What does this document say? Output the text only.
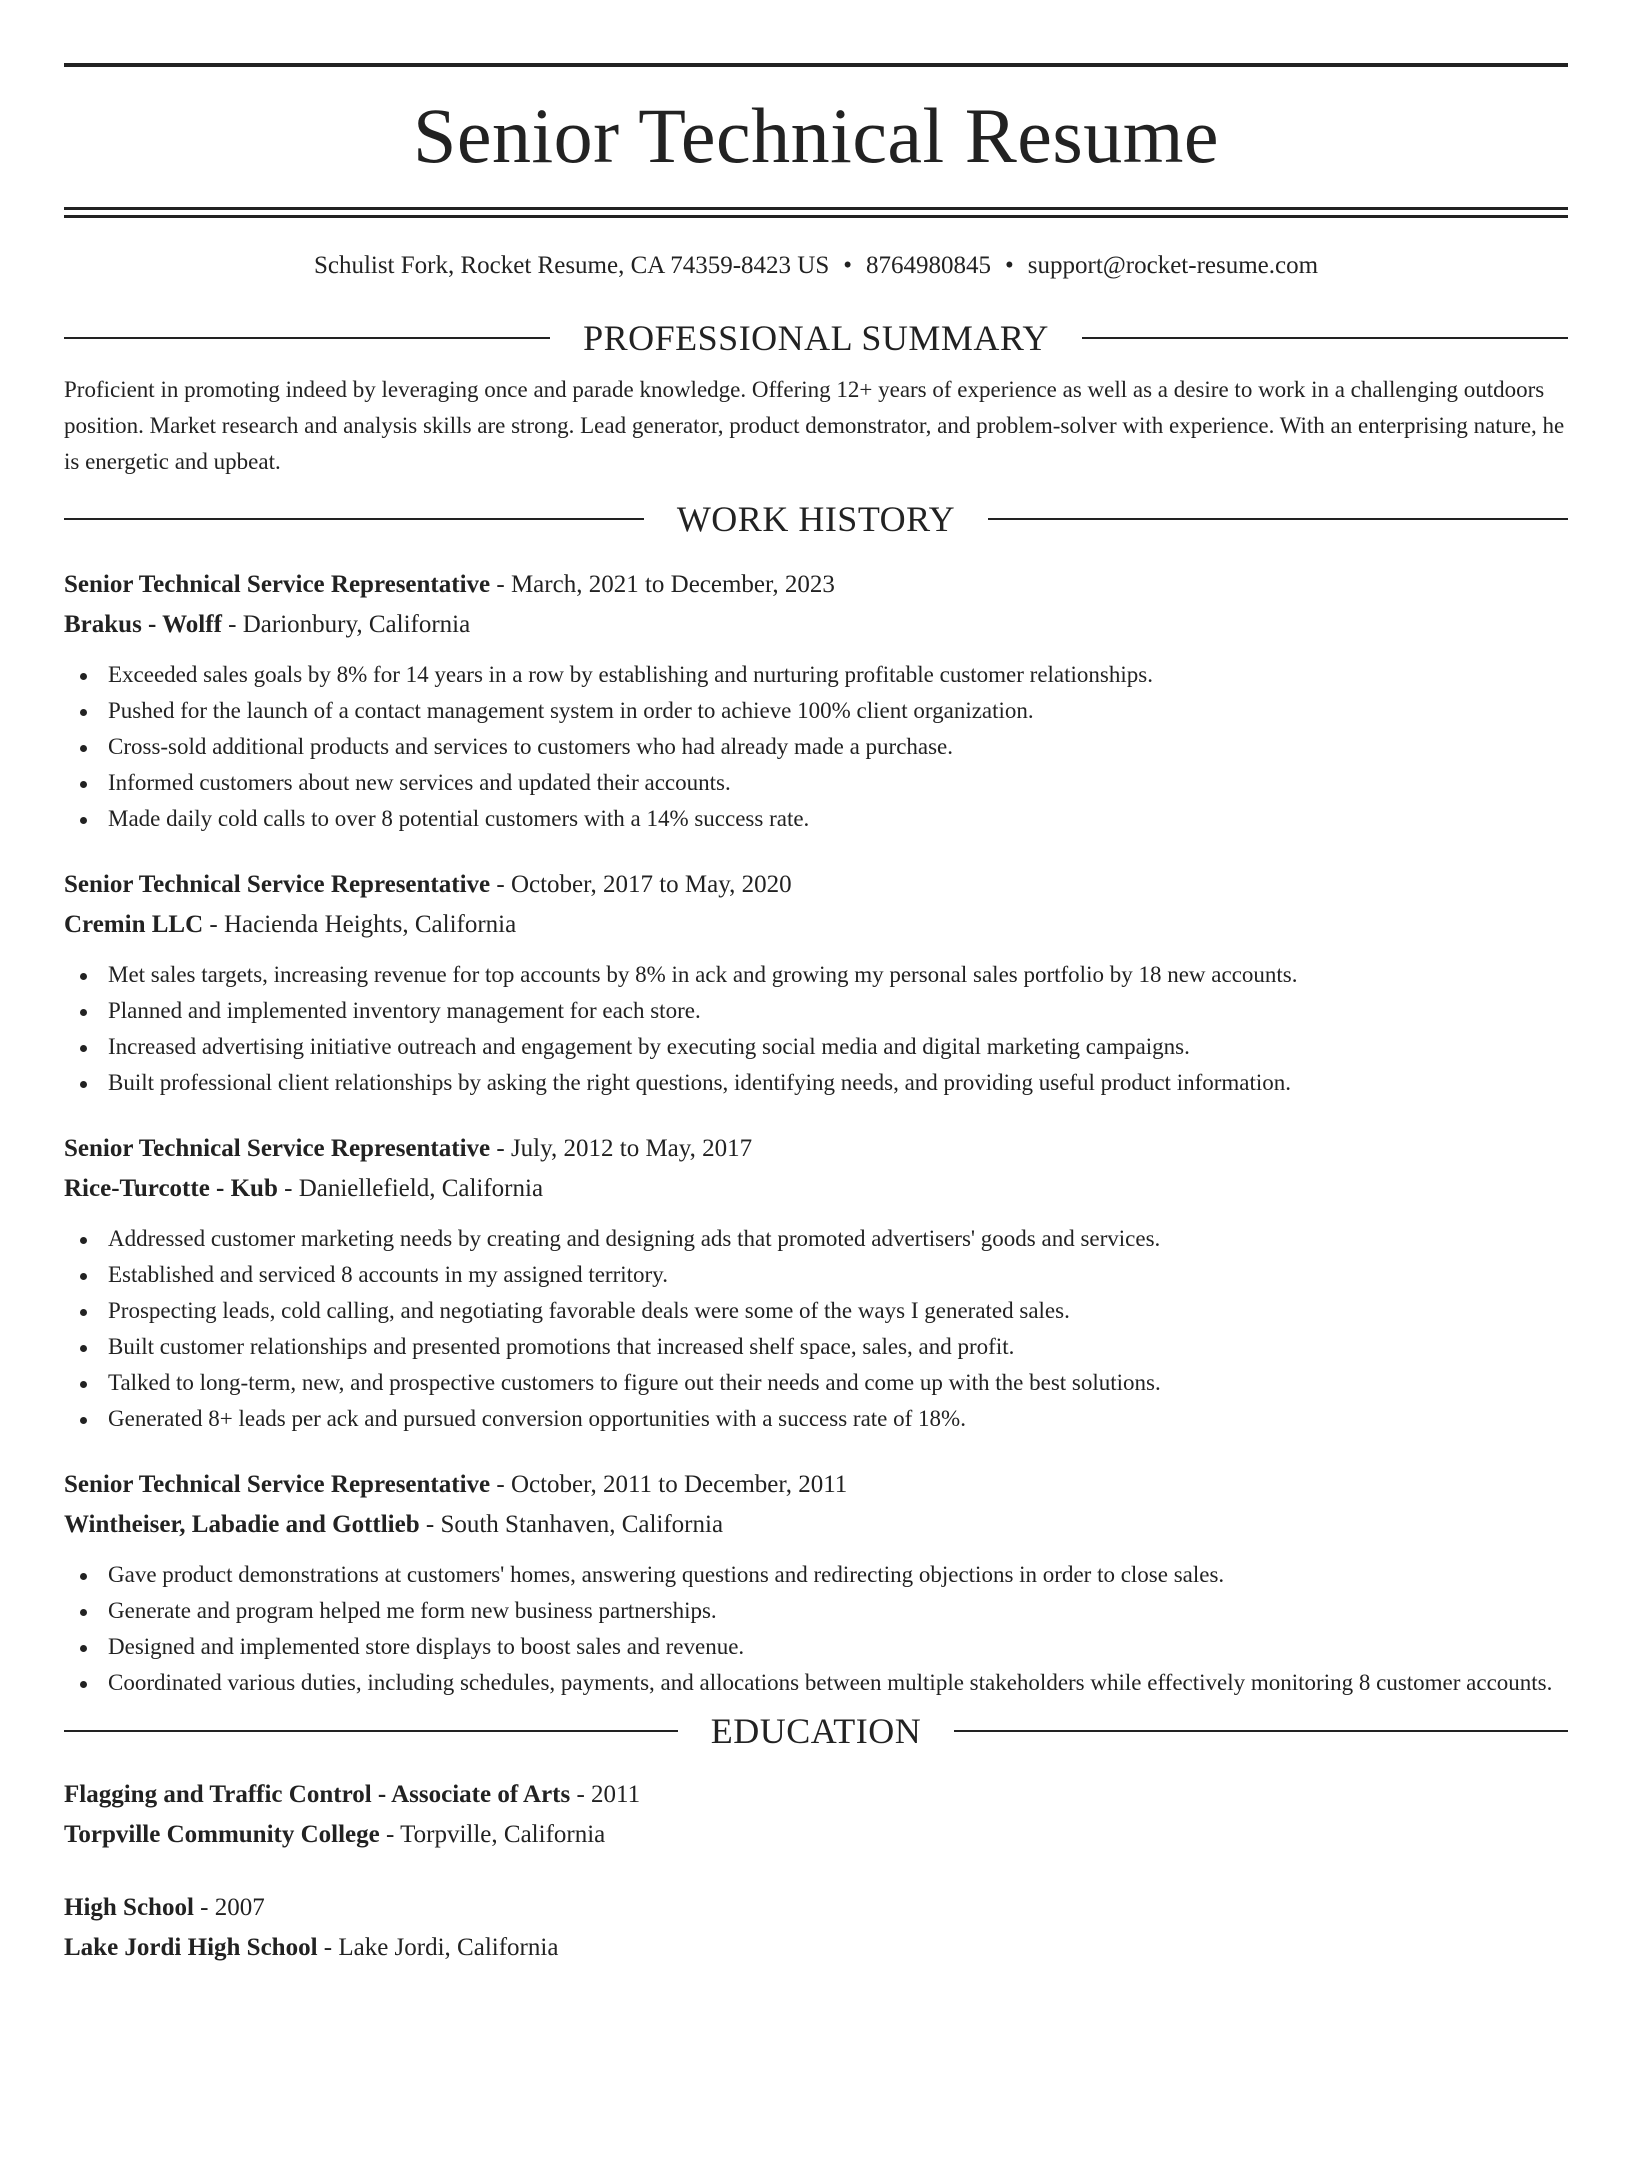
Senior Technical Resume
Schulist Fork, Rocket Resume, CA 74359-8423 US • 8764980845 • support@rocket-resume.com
PROFESSIONAL SUMMARY
Proficient in promoting indeed by leveraging once and parade knowledge. Offering 12+ years of experience as well as a desire to work in a challenging outdoors position. Market research and analysis skills are strong. Lead generator, product demonstrator, and problem-solver with experience. With an enterprising nature, he is energetic and upbeat.
WORK HISTORY
Senior Technical Service Representative - March, 2021 to December, 2023
Brakus - Wolff - Darionbury, California
Exceeded sales goals by 8% for 14 years in a row by establishing and nurturing profitable customer relationships.
Pushed for the launch of a contact management system in order to achieve 100% client organization.
Cross-sold additional products and services to customers who had already made a purchase.
Informed customers about new services and updated their accounts.
Made daily cold calls to over 8 potential customers with a 14% success rate.
Senior Technical Service Representative - October, 2017 to May, 2020
Cremin LLC - Hacienda Heights, California
Met sales targets, increasing revenue for top accounts by 8% in ack and growing my personal sales portfolio by 18 new accounts.
Planned and implemented inventory management for each store.
Increased advertising initiative outreach and engagement by executing social media and digital marketing campaigns.
Built professional client relationships by asking the right questions, identifying needs, and providing useful product information.
Senior Technical Service Representative - July, 2012 to May, 2017
Rice-Turcotte - Kub - Daniellefield, California
Addressed customer marketing needs by creating and designing ads that promoted advertisers' goods and services.
Established and serviced 8 accounts in my assigned territory.
Prospecting leads, cold calling, and negotiating favorable deals were some of the ways I generated sales.
Built customer relationships and presented promotions that increased shelf space, sales, and profit.
Talked to long-term, new, and prospective customers to figure out their needs and come up with the best solutions.
Generated 8+ leads per ack and pursued conversion opportunities with a success rate of 18%.
Senior Technical Service Representative - October, 2011 to December, 2011
Wintheiser, Labadie and Gottlieb - South Stanhaven, California
Gave product demonstrations at customers' homes, answering questions and redirecting objections in order to close sales.
Generate and program helped me form new business partnerships.
Designed and implemented store displays to boost sales and revenue.
Coordinated various duties, including schedules, payments, and allocations between multiple stakeholders while effectively monitoring 8 customer accounts.
EDUCATION
Flagging and Traffic Control - Associate of Arts - 2011
Torpville Community College - Torpville, California
High School - 2007
Lake Jordi High School - Lake Jordi, California
